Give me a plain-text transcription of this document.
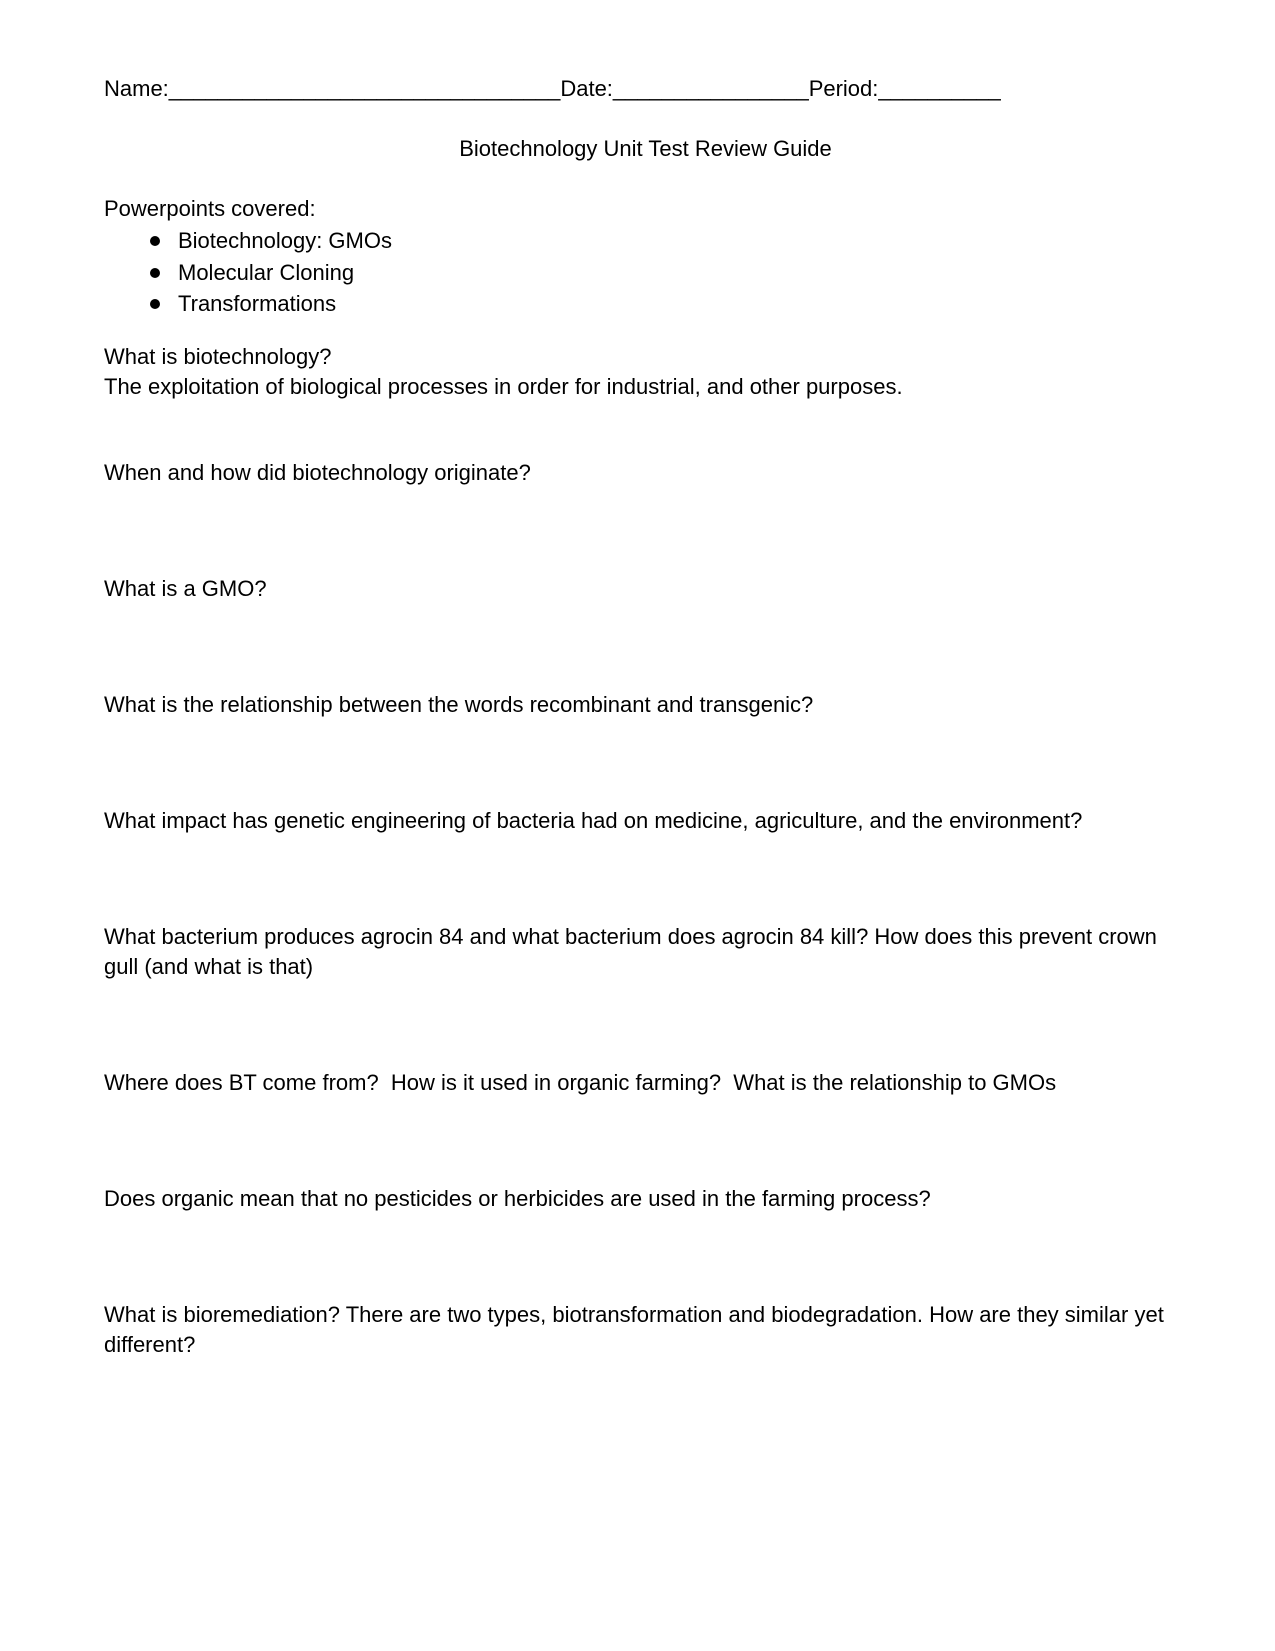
Name:________________________________Date:________________Period:__________
Biotechnology Unit Test Review Guide
Powerpoints covered:
Biotechnology: GMOs
Molecular Cloning
Transformations
What is biotechnology?
The exploitation of biological processes in order for industrial, and other purposes.
When and how did biotechnology originate?
What is a GMO?
What is the relationship between the words recombinant and transgenic?
What impact has genetic engineering of bacteria had on medicine, agriculture, and the environment?
What bacterium produces agrocin 84 and what bacterium does agrocin 84 kill? How does this prevent crown gull (and what is that)
Where does BT come from?  How is it used in organic farming?  What is the relationship to GMOs
Does organic mean that no pesticides or herbicides are used in the farming process?
What is bioremediation? There are two types, biotransformation and biodegradation. How are they similar yet different?
